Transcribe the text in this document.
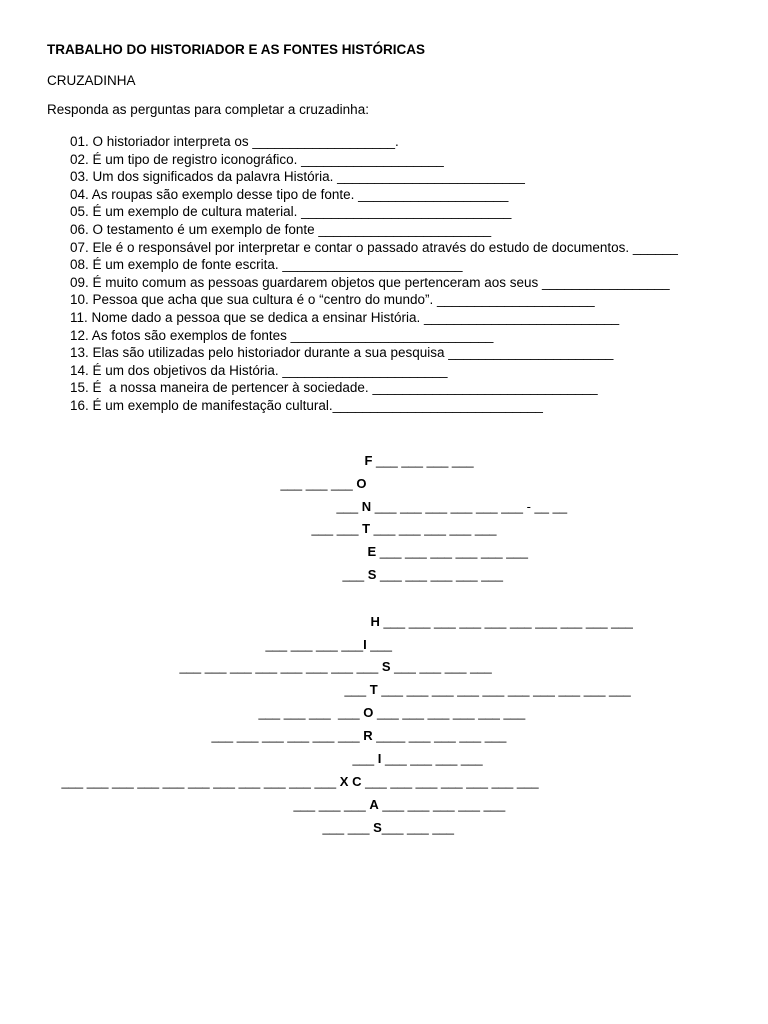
TRABALHO DO HISTORIADOR E AS FONTES HISTÓRICAS
CRUZADINHA
Responda as perguntas para completar a cruzadinha:
01. O historiador interpreta os ___________________.
02. É um tipo de registro iconográfico. ___________________
03. Um dos significados da palavra História. _________________________
04. As roupas são exemplo desse tipo de fonte. ____________________
05. É um exemplo de cultura material. ____________________________
06. O testamento é um exemplo de fonte _______________________
07. Ele é o responsável por interpretar e contar o passado através do estudo de documentos. ______
08. É um exemplo de fonte escrita. ________________________
09. É muito comum as pessoas guardarem objetos que pertenceram aos seus _________________
10. Pessoa que acha que sua cultura é o “centro do mundo”. _____________________
11. Nome dado a pessoa que se dedica a ensinar História. __________________________
12. As fotos são exemplos de fontes ___________________________
13. Elas são utilizadas pelo historiador durante a sua pesquisa ______________________
14. É um dos objetivos da História. ______________________
15. É  a nossa maneira de pertencer à sociedade. ______________________________
16. É um exemplo de manifestação cultural.____________________________

F ___ ___ ___ ___

___ ___ ___ O

___ N ___ ___ ___ ___ ___ ___ - __ __

___ ___ T ___ ___ ___ ___ ___

E ___ ___ ___ ___ ___ ___

___ S ___ ___ ___ ___ ___

H ___ ___ ___ ___ ___ ___ ___ ___ ___ ___

___ ___ ___ ___I ___

___ ___ ___ ___ ___ ___ ___ ___ S ___ ___ ___ ___

___ T ___ ___ ___ ___ ___ ___ ___ ___ ___ ___

___ ___ ___  ___ O ___ ___ ___ ___ ___ ___

___ ___ ___ ___ ___ ___ R ____ ___ ___ ___ ___

___ I ___ ___ ___ ___

___ ___ ___ ___ ___ ___ ___ ___ ___ ___ ___ X C ___ ___ ___ ___ ___ ___ ___

___ ___ ___ A ___ ___ ___ ___ ___

___ ___ S___ ___ ___
